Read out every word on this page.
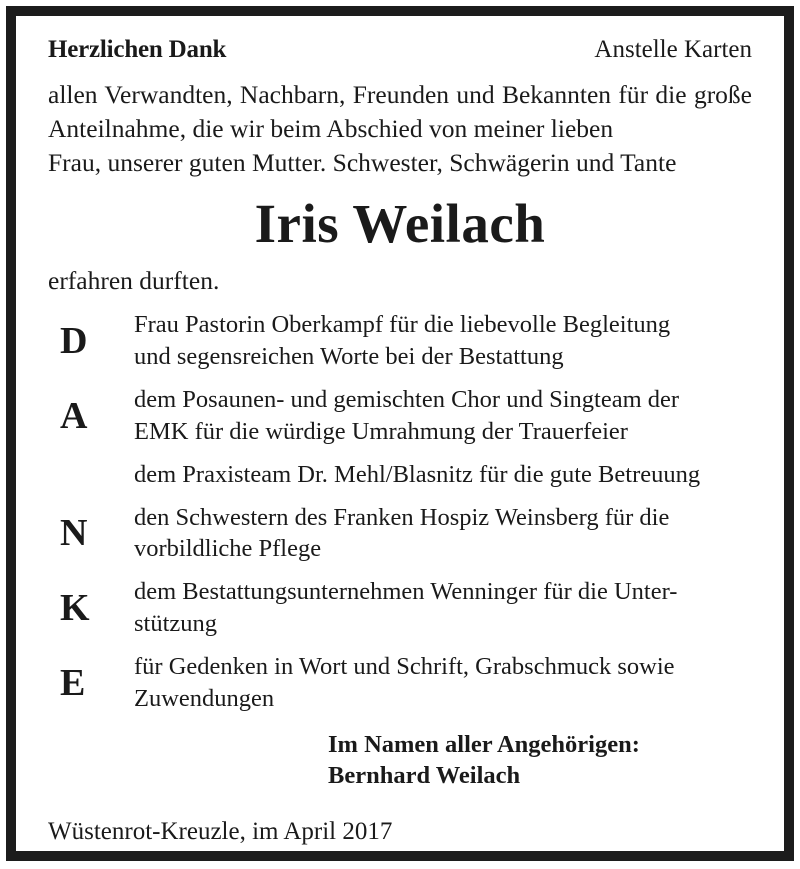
Herzlichen Dank	Anstelle Karten
allen Verwandten, Nachbarn, Freunden und Bekannten für die große Anteilnahme, die wir beim Abschied von meiner lieben
Frau, unserer guten Mutter. Schwester, Schwägerin und Tante
Iris Weilach
erfahren durften.
D	Frau Pastorin Oberkampf für die liebevolle Begleitung
und segensreichen Worte bei der Bestattung
A	dem Posaunen- und gemischten Chor und Singteam der
EMK für die würdige Umrahmung der Trauerfeier
dem Praxisteam Dr. Mehl/Blasnitz für die gute Betreuung
N	den Schwestern des Franken Hospiz Weinsberg für die
vorbildliche Pflege
K	dem Bestattungsunternehmen Wenninger für die Unter-
stützung
E	für Gedenken in Wort und Schrift, Grabschmuck sowie
Zuwendungen
Im Namen aller Angehörigen:
Bernhard Weilach
Wüstenrot-Kreuzle, im April 2017
